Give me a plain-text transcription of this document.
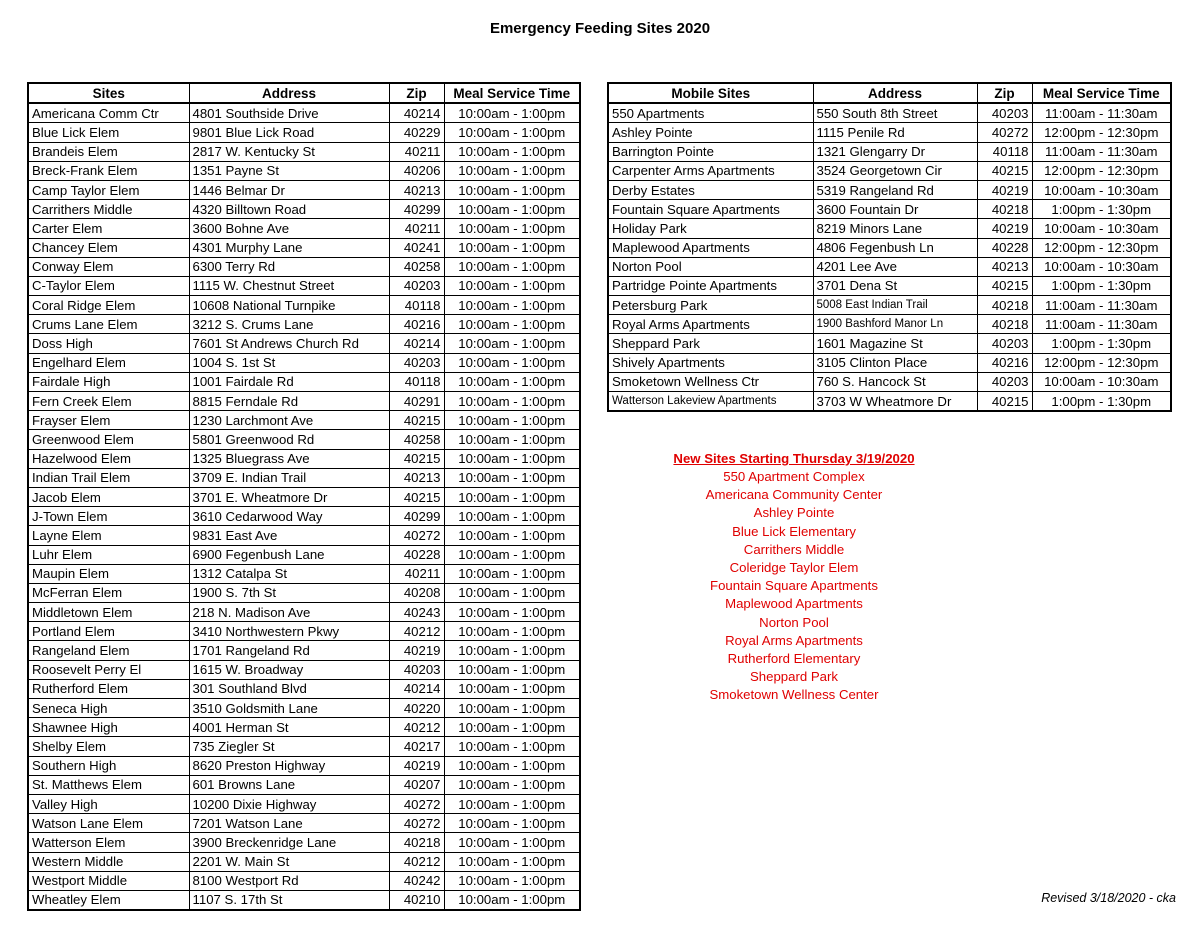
Emergency Feeding Sites 2020
Sites	Address	Zip	Meal Service Time
Americana Comm Ctr	4801 Southside Drive	40214	10:00am - 1:00pm
Blue Lick Elem	9801 Blue Lick Road	40229	10:00am - 1:00pm
Brandeis Elem	2817 W. Kentucky St	40211	10:00am - 1:00pm
Breck-Frank Elem	1351 Payne St	40206	10:00am - 1:00pm
Camp Taylor Elem	1446 Belmar Dr	40213	10:00am - 1:00pm
Carrithers Middle	4320 Billtown Road	40299	10:00am - 1:00pm
Carter Elem	3600 Bohne Ave	40211	10:00am - 1:00pm
Chancey Elem	4301 Murphy Lane	40241	10:00am - 1:00pm
Conway Elem	6300 Terry Rd	40258	10:00am - 1:00pm
C-Taylor Elem	1115 W. Chestnut Street	40203	10:00am - 1:00pm
Coral Ridge Elem	10608 National Turnpike	40118	10:00am - 1:00pm
Crums Lane Elem	3212 S. Crums Lane	40216	10:00am - 1:00pm
Doss High	7601 St Andrews Church Rd	40214	10:00am - 1:00pm
Engelhard Elem	1004 S. 1st St	40203	10:00am - 1:00pm
Fairdale High	1001 Fairdale Rd	40118	10:00am - 1:00pm
Fern Creek Elem	8815 Ferndale Rd	40291	10:00am - 1:00pm
Frayser Elem	1230 Larchmont Ave	40215	10:00am - 1:00pm
Greenwood Elem	5801 Greenwood Rd	40258	10:00am - 1:00pm
Hazelwood Elem	1325 Bluegrass Ave	40215	10:00am - 1:00pm
Indian Trail Elem	3709 E. Indian Trail	40213	10:00am - 1:00pm
Jacob Elem	3701 E. Wheatmore Dr	40215	10:00am - 1:00pm
J-Town Elem	3610 Cedarwood Way	40299	10:00am - 1:00pm
Layne Elem	9831 East Ave	40272	10:00am - 1:00pm
Luhr Elem	6900 Fegenbush Lane	40228	10:00am - 1:00pm
Maupin Elem	1312 Catalpa St	40211	10:00am - 1:00pm
McFerran Elem	1900 S. 7th St	40208	10:00am - 1:00pm
Middletown Elem	218 N. Madison Ave	40243	10:00am - 1:00pm
Portland Elem	3410 Northwestern Pkwy	40212	10:00am - 1:00pm
Rangeland Elem	1701 Rangeland Rd	40219	10:00am - 1:00pm
Roosevelt Perry El	1615 W. Broadway	40203	10:00am - 1:00pm
Rutherford Elem	301 Southland Blvd	40214	10:00am - 1:00pm
Seneca High	3510 Goldsmith Lane	40220	10:00am - 1:00pm
Shawnee High	4001 Herman St	40212	10:00am - 1:00pm
Shelby Elem	735 Ziegler St	40217	10:00am - 1:00pm
Southern High	8620 Preston Highway	40219	10:00am - 1:00pm
St. Matthews Elem	601 Browns Lane	40207	10:00am - 1:00pm
Valley High	10200 Dixie Highway	40272	10:00am - 1:00pm
Watson Lane Elem	7201 Watson Lane	40272	10:00am - 1:00pm
Watterson Elem	3900 Breckenridge Lane	40218	10:00am - 1:00pm
Western Middle	2201 W. Main St	40212	10:00am - 1:00pm
Westport Middle	8100 Westport Rd	40242	10:00am - 1:00pm
Wheatley Elem	1107 S. 17th St	40210	10:00am - 1:00pm
Mobile Sites	Address	Zip	Meal Service Time
550 Apartments	550 South 8th Street	40203	11:00am - 11:30am
Ashley Pointe	1115 Penile Rd	40272	12:00pm - 12:30pm
Barrington Pointe	1321 Glengarry Dr	40118	11:00am - 11:30am
Carpenter Arms Apartments	3524 Georgetown Cir	40215	12:00pm - 12:30pm
Derby Estates	5319 Rangeland Rd	40219	10:00am - 10:30am
Fountain Square Apartments	3600 Fountain Dr	40218	1:00pm - 1:30pm
Holiday Park	8219 Minors Lane	40219	10:00am - 10:30am
Maplewood Apartments	4806 Fegenbush Ln	40228	12:00pm - 12:30pm
Norton Pool	4201 Lee Ave	40213	10:00am - 10:30am
Partridge Pointe Apartments	3701 Dena St	40215	1:00pm - 1:30pm
Petersburg Park	5008 East Indian Trail	40218	11:00am - 11:30am
Royal Arms Apartments	1900 Bashford Manor Ln	40218	11:00am - 11:30am
Sheppard Park	1601 Magazine St	40203	1:00pm - 1:30pm
Shively Apartments	3105 Clinton Place	40216	12:00pm - 12:30pm
Smoketown Wellness Ctr	760 S. Hancock St	40203	10:00am - 10:30am
Watterson Lakeview Apartments	3703 W Wheatmore Dr	40215	1:00pm - 1:30pm
New Sites Starting Thursday 3/19/2020
550 Apartment Complex
Americana Community Center
Ashley Pointe
Blue Lick Elementary
Carrithers Middle
Coleridge Taylor Elem
Fountain Square Apartments
Maplewood Apartments
Norton Pool
Royal Arms Apartments
Rutherford Elementary
Sheppard Park
Smoketown Wellness Center
Revised 3/18/2020 - cka
